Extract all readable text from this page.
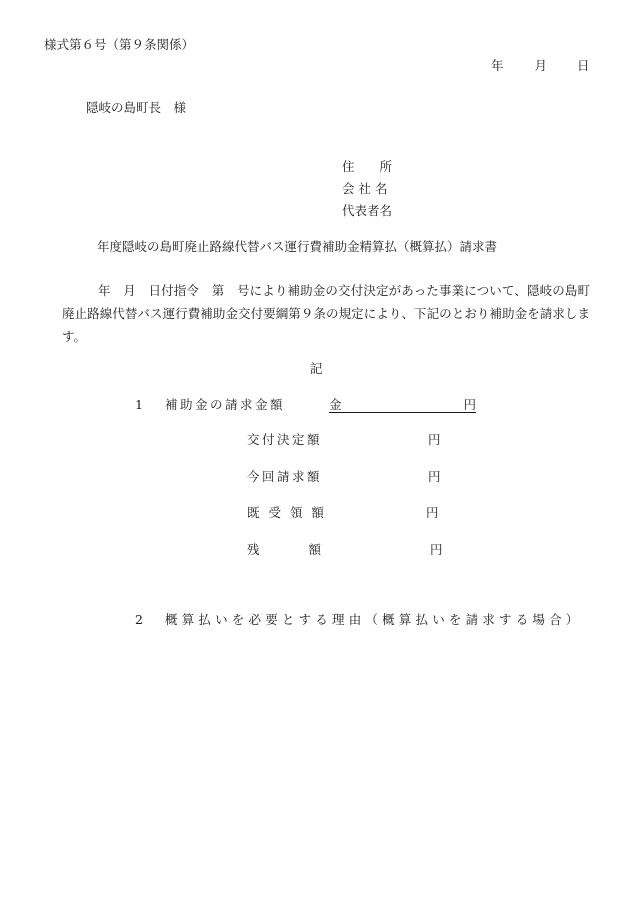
様式第６号（第９条関係）
年 月 日
隠岐の島町長　様
住　　所
会 社 名
代表者名
年度隠岐の島町廃止路線代替バス運行費補助金精算払（概算払）請求書
年　月　日付指令　第　号により補助金の交付決定があった事業について、隠岐の島町廃止路線代替バス運行費補助金交付要綱第９条の規定により、下記のとおり補助金を請求します。
記
1 補助金の請求金額	金	円
交付決定額	円
今回請求額	円
既 受 領 額	円
残　　額	円
2 概算払いを必要とする理由（概算払いを請求する場合）
